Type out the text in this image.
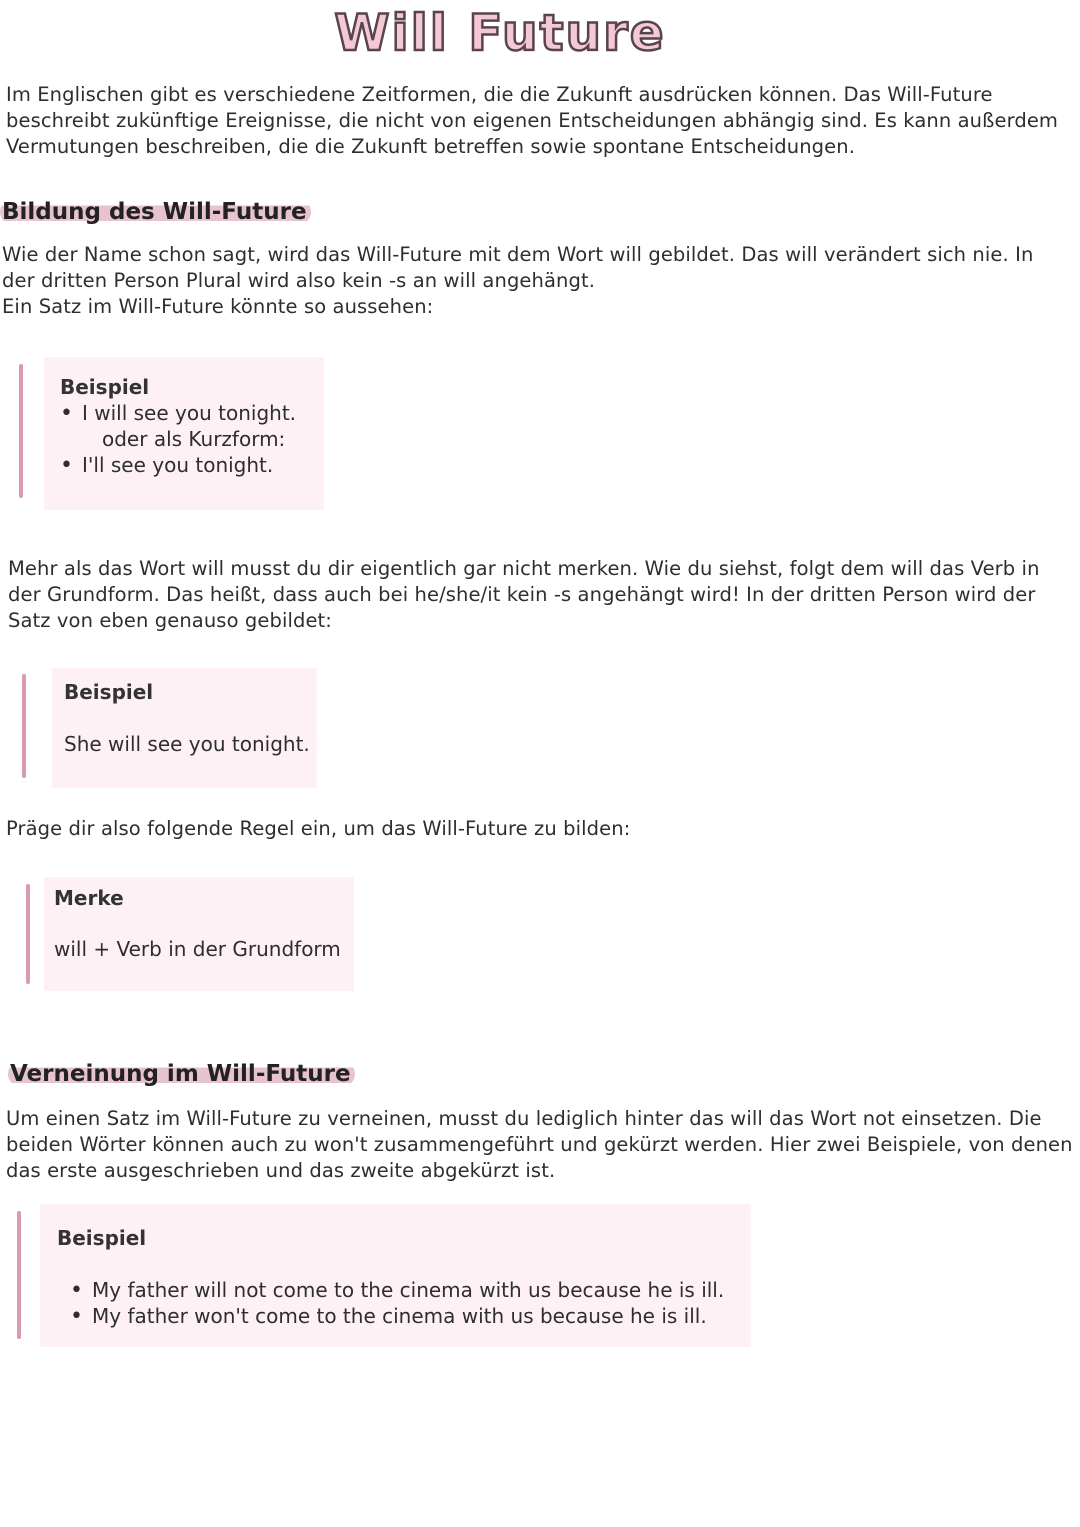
Will Future

Im Englischen gibt es verschiedene Zeitformen, die die Zukunft ausdrücken können. Das Will-Future beschreibt zukünftige Ereignisse, die nicht von eigenen Entscheidungen abhängig sind. Es kann außerdem Vermutungen beschreiben, die die Zukunft betreffen sowie spontane Entscheidungen.

Bildung des Will-Future

Wie der Name schon sagt, wird das Will-Future mit dem Wort will gebildet. Das will verändert sich nie. In der dritten Person Plural wird also kein -s an will angehängt.

Ein Satz im Will-Future könnte so aussehen:

Beispiel
• I will see you tonight.
oder als Kurzform:
• I'll see you tonight.

Mehr als das Wort will musst du dir eigentlich gar nicht merken. Wie du siehst, folgt dem will das Verb in der Grundform. Das heißt, dass auch bei he/she/it kein -s angehängt wird! In der dritten Person wird der Satz von eben genauso gebildet:

Beispiel
She will see you tonight.

Präge dir also folgende Regel ein, um das Will-Future zu bilden:

Merke
will + Verb in der Grundform
Verneinung im Will-Future

Um einen Satz im Will-Future zu verneinen, musst du lediglich hinter das will das Wort not einsetzen. Die beiden Wörter können auch zu won't zusammengeführt und gekürzt werden. Hier zwei Beispiele, von denen das erste ausgeschrieben und das zweite abgekürzt ist.

Beispiel
• My father will not come to the cinema with us because he is ill.
• My father won't come to the cinema with us because he is ill.
